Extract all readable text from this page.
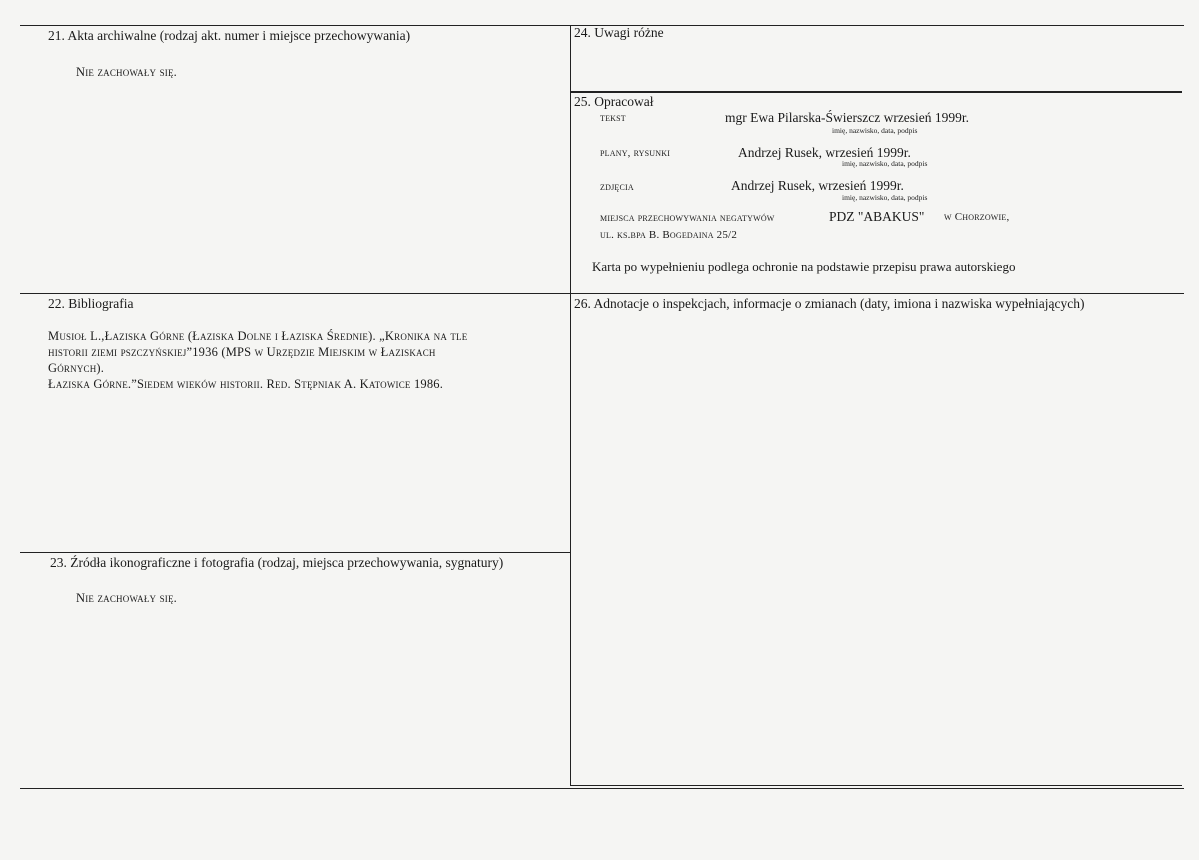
21. Akta archiwalne (rodzaj akt. numer i miejsce przechowywania)
Nie zachowały się.
24. Uwagi różne
25. Opracował
tekst	mgr Ewa Pilarska-Świerszcz wrzesień 1999r.
imię, nazwisko, data, podpis
plany, rysunki	Andrzej Rusek, wrzesień 1999r.
imię, nazwisko, data, podpis
zdjęcia	Andrzej Rusek, wrzesień 1999r.
imię, nazwisko, data, podpis
miejsca przechowywania negatywów	PDZ "ABAKUS" w Chorzowie,
ul. ks.bpa B. Bogedaina 25/2
Karta po wypełnieniu podlega ochronie na podstawie przepisu prawa autorskiego
22. Bibliografia
Musioł L.,Łaziska Górne (Łaziska Dolne i Łaziska Średnie). „Kronika na tle
historii ziemi pszczyńskiej”1936 (MPS w Urzędzie Miejskim w Łaziskach
Górnych).
Łaziska Górne.”Siedem wieków historii. Red. Stępniak A. Katowice 1986.
26. Adnotacje o inspekcjach, informacje o zmianach (daty, imiona i nazwiska wypełniających)
23. Źródła ikonograficzne i fotografia (rodzaj, miejsca przechowywania, sygnatury)
Nie zachowały się.
